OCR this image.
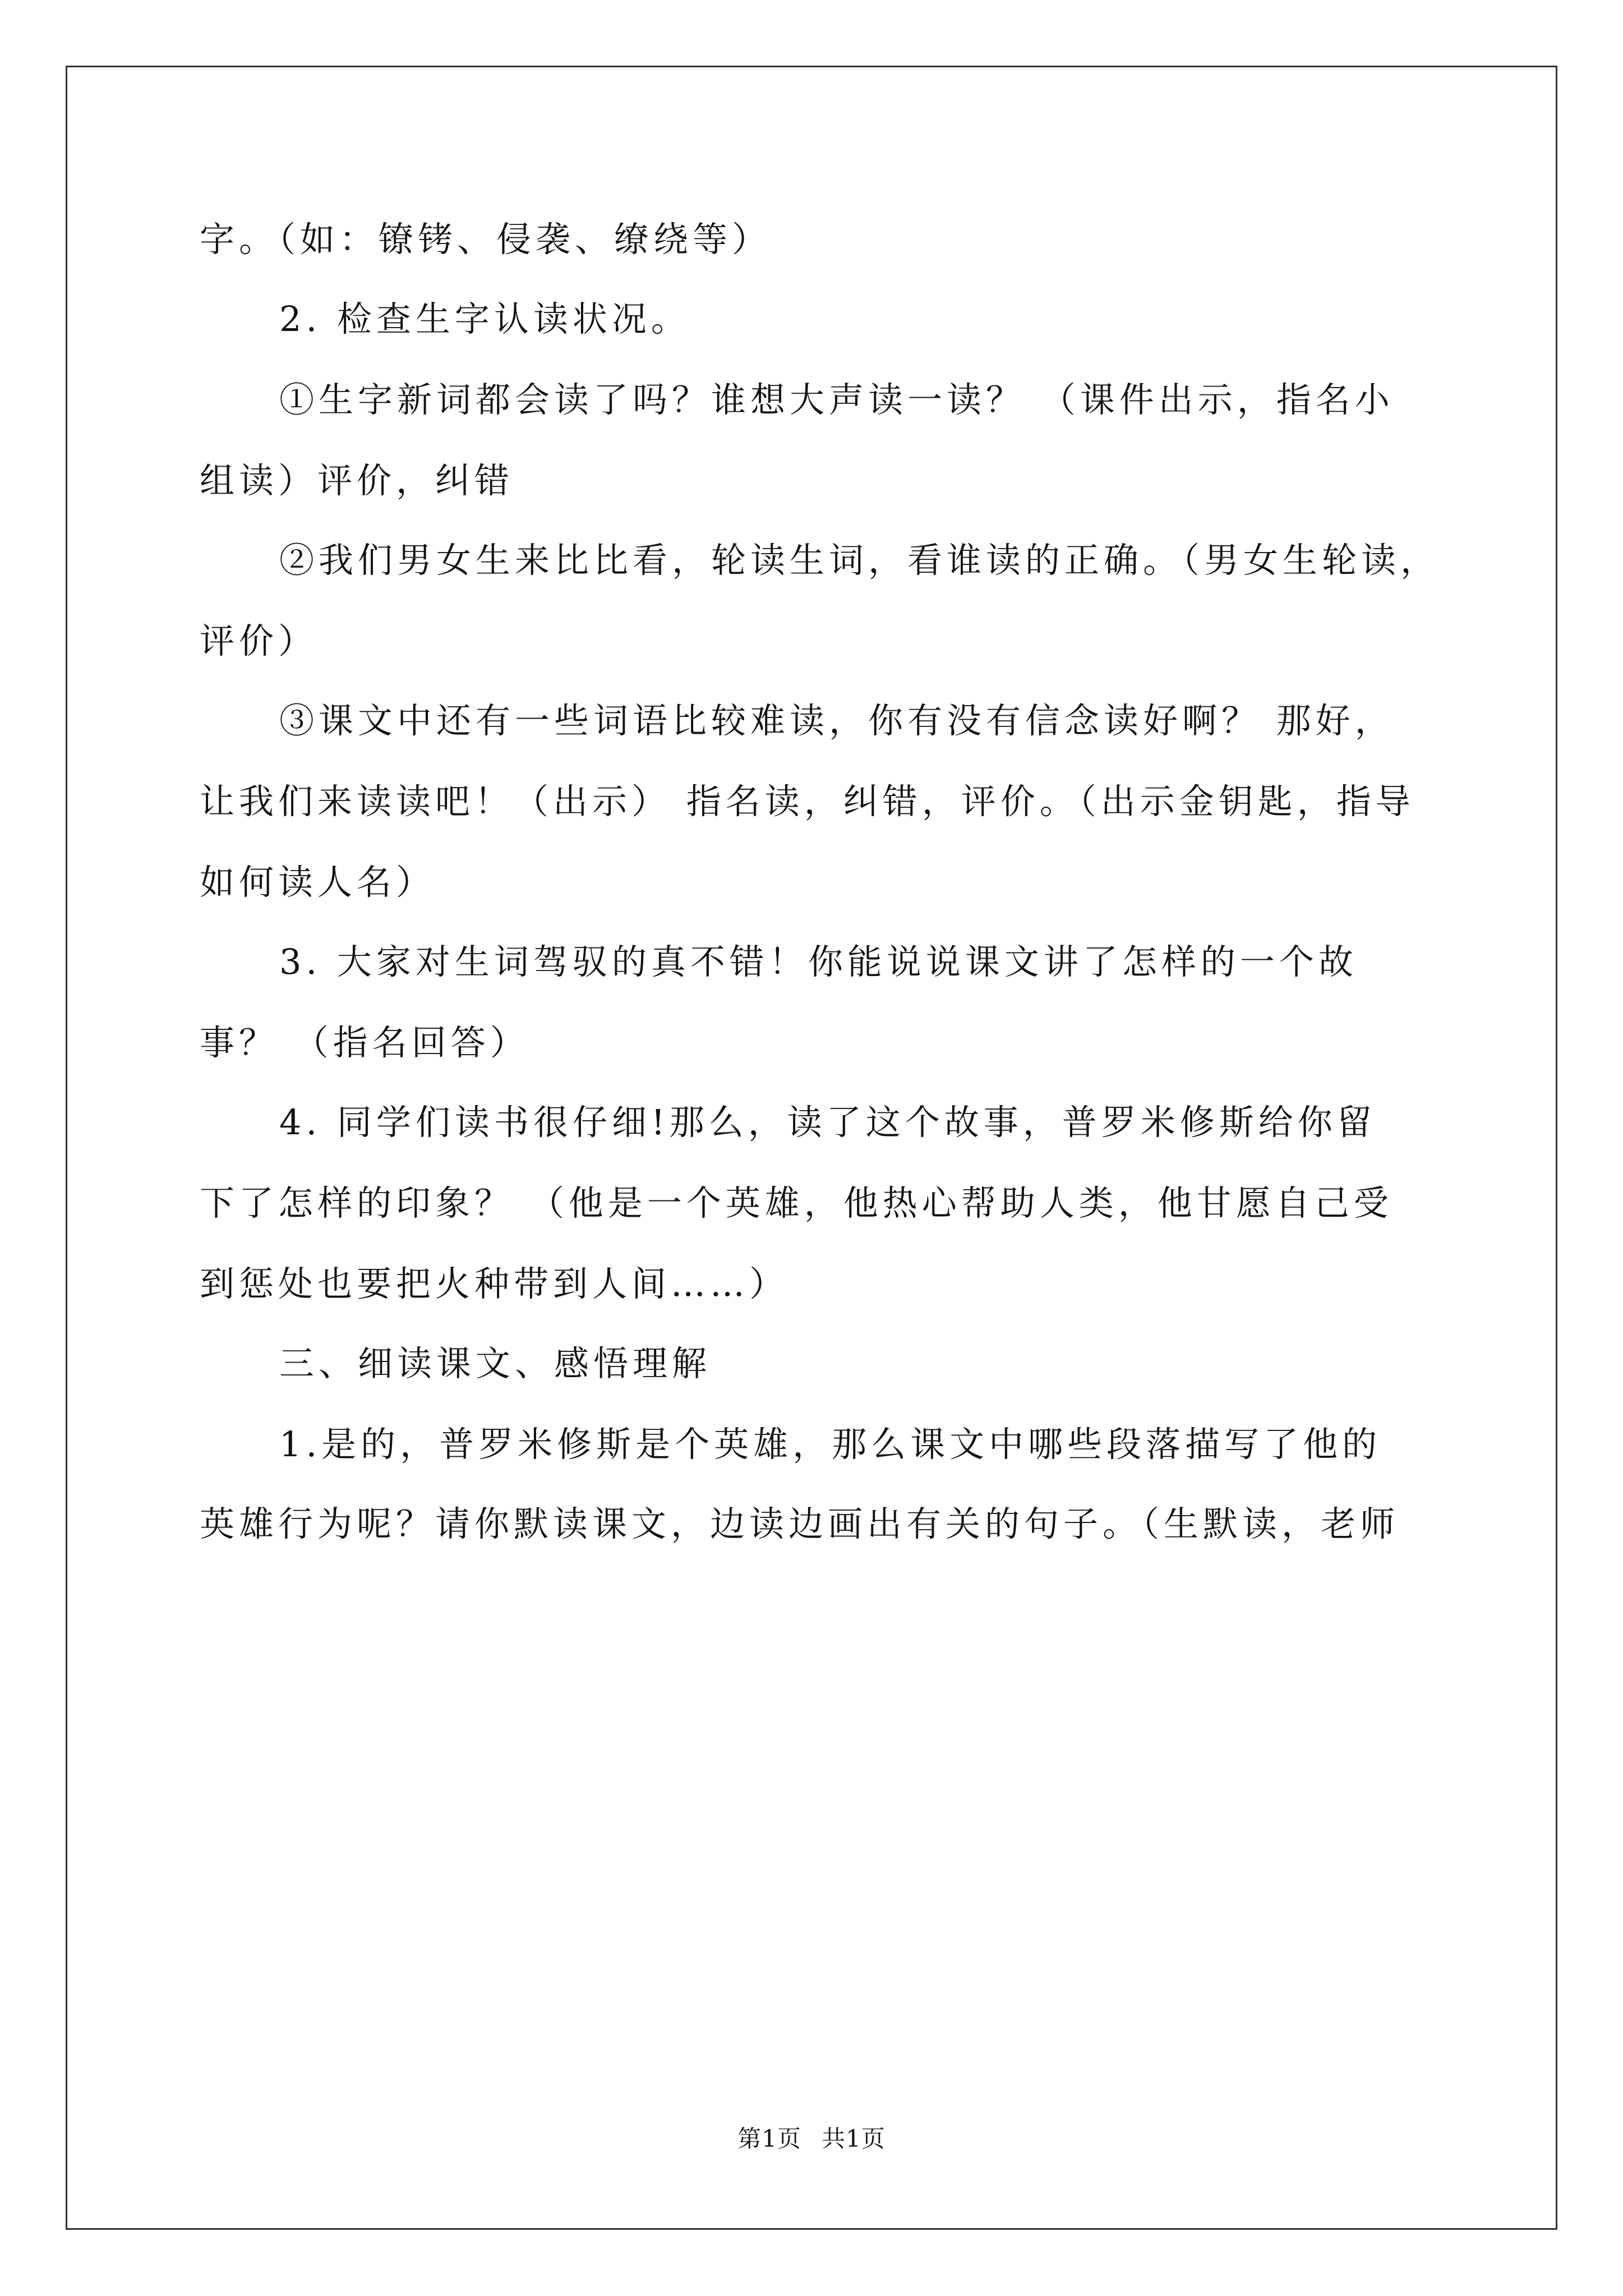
字。（如：镣铐、侵袭、缭绕等）
2. 检查生字认读状况。
①生字新词都会读了吗？谁想大声读一读？ （课件出示，指名小
组读）评价，纠错
②我们男女生来比比看，轮读生词，看谁读的正确。（男女生轮读，
评价）
③课文中还有一些词语比较难读，你有没有信念读好啊？ 那好，
让我们来读读吧！（出示） 指名读，纠错，评价。（出示金钥匙，指导
如何读人名）
3. 大家对生词驾驭的真不错！你能说说课文讲了怎样的一个故
事？ （指名回答）
4. 同学们读书很仔细!那么，读了这个故事，普罗米修斯给你留
下了怎样的印象？ （他是一个英雄，他热心帮助人类，他甘愿自己受
到惩处也要把火种带到人间……）
三、细读课文、感悟理解
1.是的，普罗米修斯是个英雄，那么课文中哪些段落描写了他的
英雄行为呢？请你默读课文，边读边画出有关的句子。（生默读，老师
第1页 共1页
